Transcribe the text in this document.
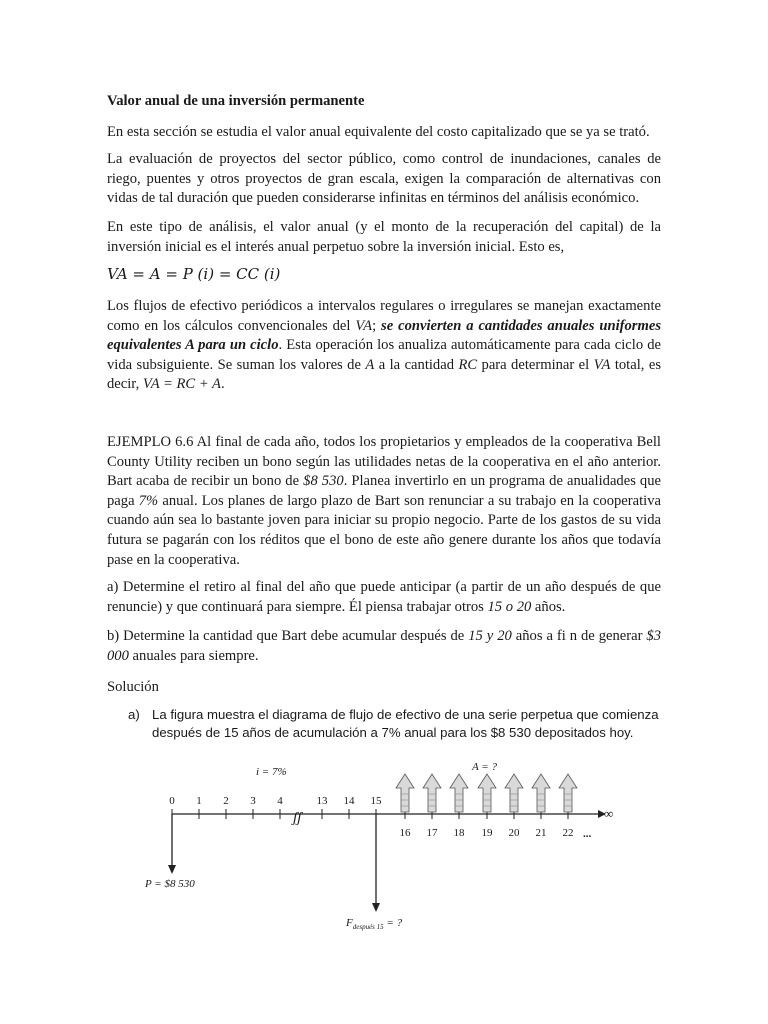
Valor anual de una inversión permanente

En esta sección se estudia el valor anual equivalente del costo capitalizado que se ya se trató.

La evaluación de proyectos del sector público, como control de inundaciones, canales de riego, puentes y otros proyectos de gran escala, exigen la comparación de alternativas con vidas de tal duración que pueden considerarse infinitas en términos del análisis económico.

En este tipo de análisis, el valor anual (y el monto de la recuperación del capital) de la inversión inicial es el interés anual perpetuo sobre la inversión inicial. Esto es,

VA = A = P (i) = CC (i)

Los flujos de efectivo periódicos a intervalos regulares o irregulares se manejan exactamente como en los cálculos convencionales del VA; se convierten a cantidades anuales uniformes equivalentes A para un ciclo. Esta operación los anualiza automáticamente para cada ciclo de vida subsiguiente. Se suman los valores de A a la cantidad RC para determinar el VA total, es decir, VA = RC + A.

EJEMPLO 6.6 Al final de cada año, todos los propietarios y empleados de la cooperativa Bell County Utility reciben un bono según las utilidades netas de la cooperativa en el año anterior. Bart acaba de recibir un bono de $8 530. Planea invertirlo en un programa de anualidades que paga 7% anual. Los planes de largo plazo de Bart son renunciar a su trabajo en la cooperativa cuando aún sea lo bastante joven para iniciar su propio negocio. Parte de los gastos de su vida futura se pagarán con los réditos que el bono de este año genere durante los años que todavía pase en la cooperativa.

a) Determine el retiro al final del año que puede anticipar (a partir de un año después de que renuncie) y que continuará para siempre. Él piensa trabajar otros 15 o 20 años.

b) Determine la cantidad que Bart debe acumular después de 15 y 20 años a fi n de generar $3 000 anuales para siempre.

Solución

a) La figura muestra el diagrama de flujo de efectivo de una serie perpetua que comienza después de 15 años de acumulación a 7% anual para los $8 530 depositados hoy.
i = 7%	A = ?
∞
ʃʃ
0 1 2 3 4	13 14 15
16 17 18 19 20 21 22 ...
P = $8 530
$F_{después 15}$ = ?
